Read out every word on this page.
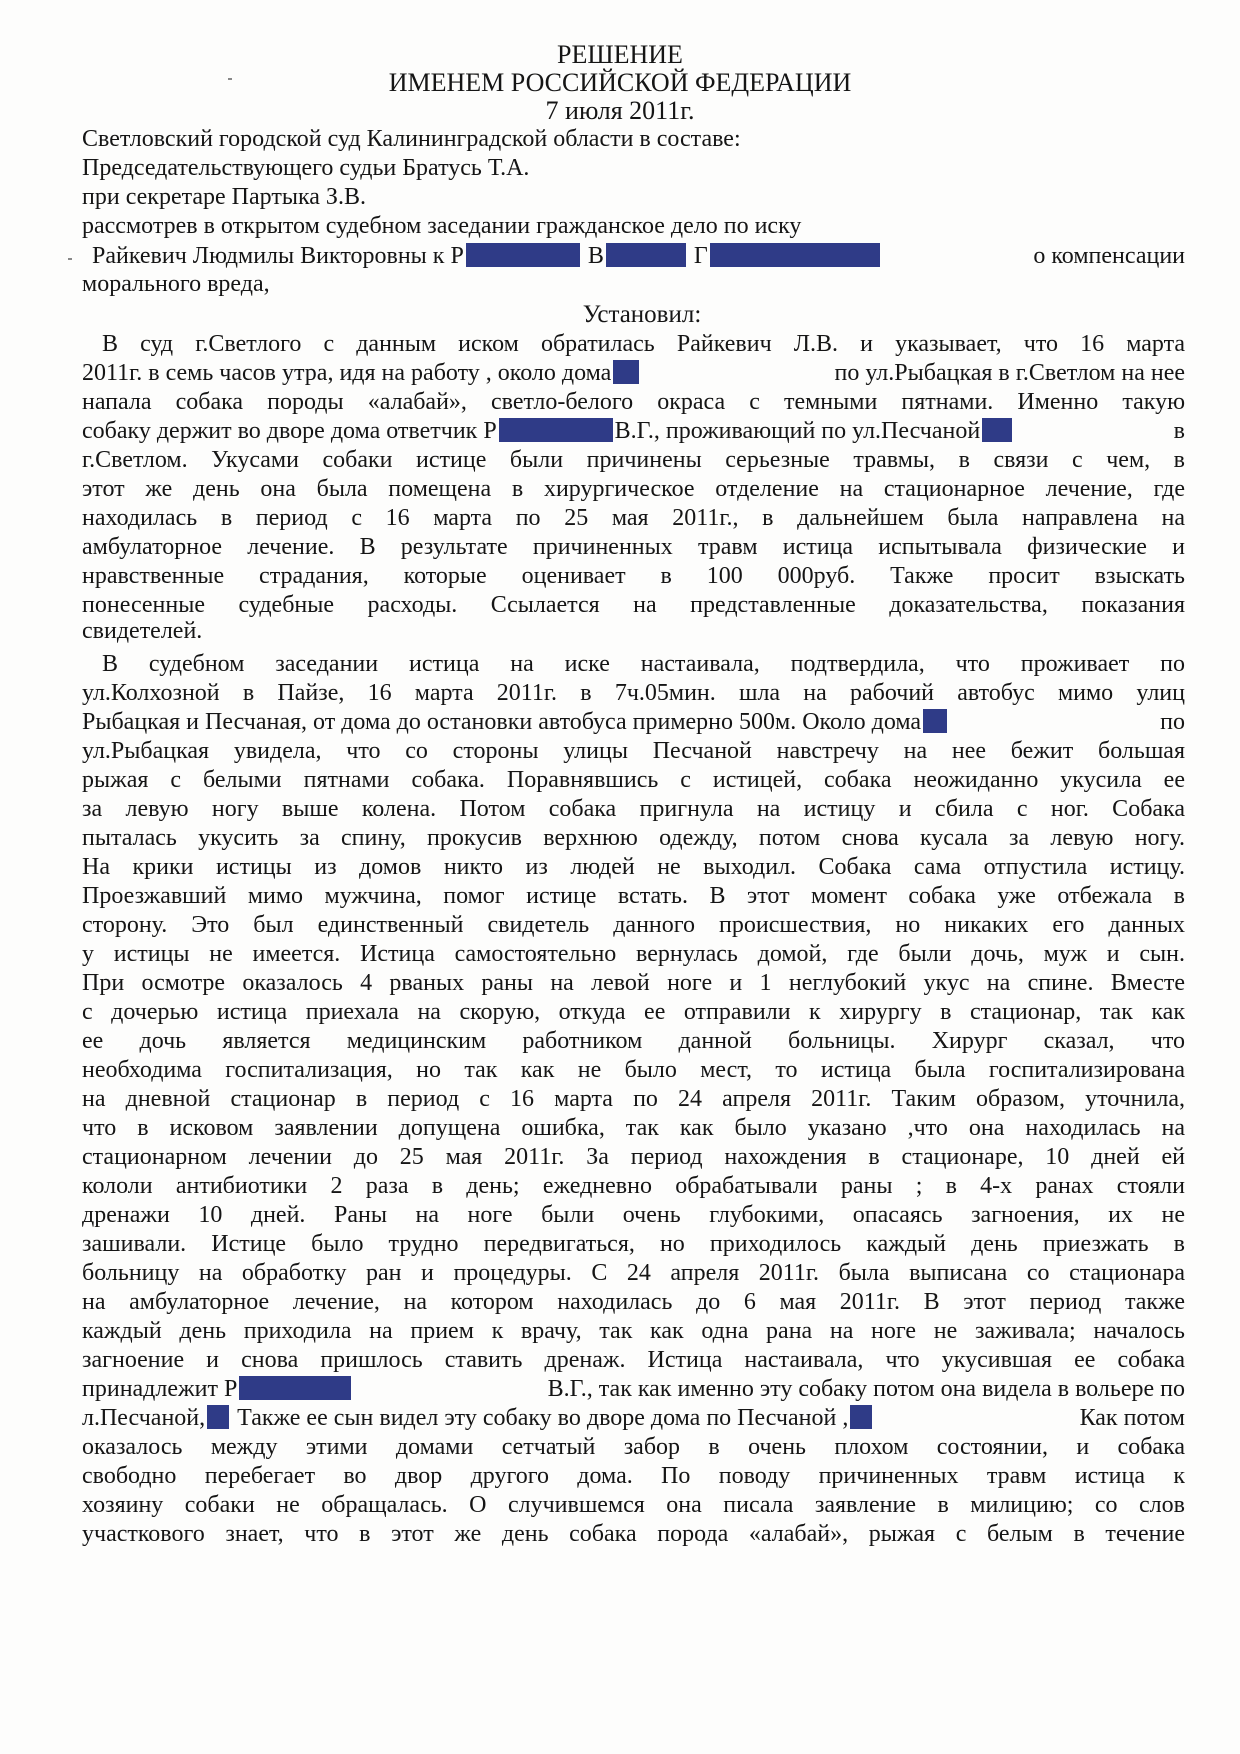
РЕШЕНИЕ
ИМЕНЕМ РОССИЙСКОЙ ФЕДЕРАЦИИ
7 июля 2011г.
Светловский городской суд Калининградской области в составе:
Председательствующего судьи Братусь Т.А.
при секретаре Партыка З.В.
рассмотрев в открытом судебном заседании гражданское дело по иску
Райкевич Людмилы Викторовны к Р	В	Г	о компенсации
морального вреда,
Установил:
В суд г.Светлого с данным иском обратилась Райкевич Л.В. и указывает, что 16 марта
2011г. в семь часов утра, идя на работу , около дома	по ул.Рыбацкая в г.Светлом на нее
напала собака породы «алабай», светло-белого окраса с темными пятнами. Именно такую
собаку держит во дворе дома ответчик Р	В.Г., проживающий по ул.Песчаной	в
г.Светлом. Укусами собаки истице были причинены серьезные травмы, в связи с чем, в
этот же день она была помещена в хирургическое отделение на стационарное лечение, где
находилась в период с 16 марта по 25 мая 2011г., в дальнейшем была направлена на
амбулаторное лечение. В результате причиненных травм истица испытывала физические и
нравственные страдания, которые оценивает в 100 000руб. Также просит взыскать
понесенные судебные расходы. Ссылается на представленные доказательства, показания
свидетелей.
В судебном заседании истица на иске настаивала, подтвердила, что проживает по
ул.Колхозной в Пайзе, 16 марта 2011г. в 7ч.05мин. шла на рабочий автобус мимо улиц
Рыбацкая и Песчаная, от дома до остановки автобуса примерно 500м. Около дома	по
ул.Рыбацкая увидела, что со стороны улицы Песчаной навстречу на нее бежит большая
рыжая с белыми пятнами собака. Поравнявшись с истицей, собака неожиданно укусила ее
за левую ногу выше колена. Потом собака пригнула на истицу и сбила с ног. Собака
пыталась укусить за спину, прокусив верхнюю одежду, потом снова кусала за левую ногу.
На крики истицы из домов никто из людей не выходил. Собака сама отпустила истицу.
Проезжавший мимо мужчина, помог истице встать. В этот момент собака уже отбежала в
сторону. Это был единственный свидетель данного происшествия, но никаких его данных
у истицы не имеется. Истица самостоятельно вернулась домой, где были дочь, муж и сын.
При осмотре оказалось 4 рваных раны на левой ноге и 1 неглубокий укус на спине. Вместе
с дочерью истица приехала на скорую, откуда ее отправили к хирургу в стационар, так как
ее дочь является медицинским работником данной больницы. Хирург сказал, что
необходима госпитализация, но так как не было мест, то истица была госпитализирована
на дневной стационар в период с 16 марта по 24 апреля 2011г. Таким образом, уточнила,
что в исковом заявлении допущена ошибка, так как было указано ,что она находилась на
стационарном лечении до 25 мая 2011г. За период нахождения в стационаре, 10 дней ей
кололи антибиотики 2 раза в день; ежедневно обрабатывали раны ; в 4-х ранах стояли
дренажи 10 дней. Раны на ноге были очень глубокими, опасаясь загноения, их не
зашивали. Истице было трудно передвигаться, но приходилось каждый день приезжать в
больницу на обработку ран и процедуры. С 24 апреля 2011г. была выписана со стационара
на амбулаторное лечение, на котором находилась до 6 мая 2011г. В этот период также
каждый день приходила на прием к врачу, так как одна рана на ноге не заживала; началось
загноение и снова пришлось ставить дренаж. Истица настаивала, что укусившая ее собака
принадлежит Р	В.Г., так как именно эту собаку потом она видела в вольере по
л.Песчаной, Также ее сын видел эту собаку во дворе дома по Песчаной ,	Как потом
оказалось между этими домами сетчатый забор в очень плохом состоянии, и собака
свободно перебегает во двор другого дома. По поводу причиненных травм истица к
хозяину собаки не обращалась. О случившемся она писала заявление в милицию; со слов
участкового знает, что в этот же день собака порода «алабай», рыжая с белым в течение
